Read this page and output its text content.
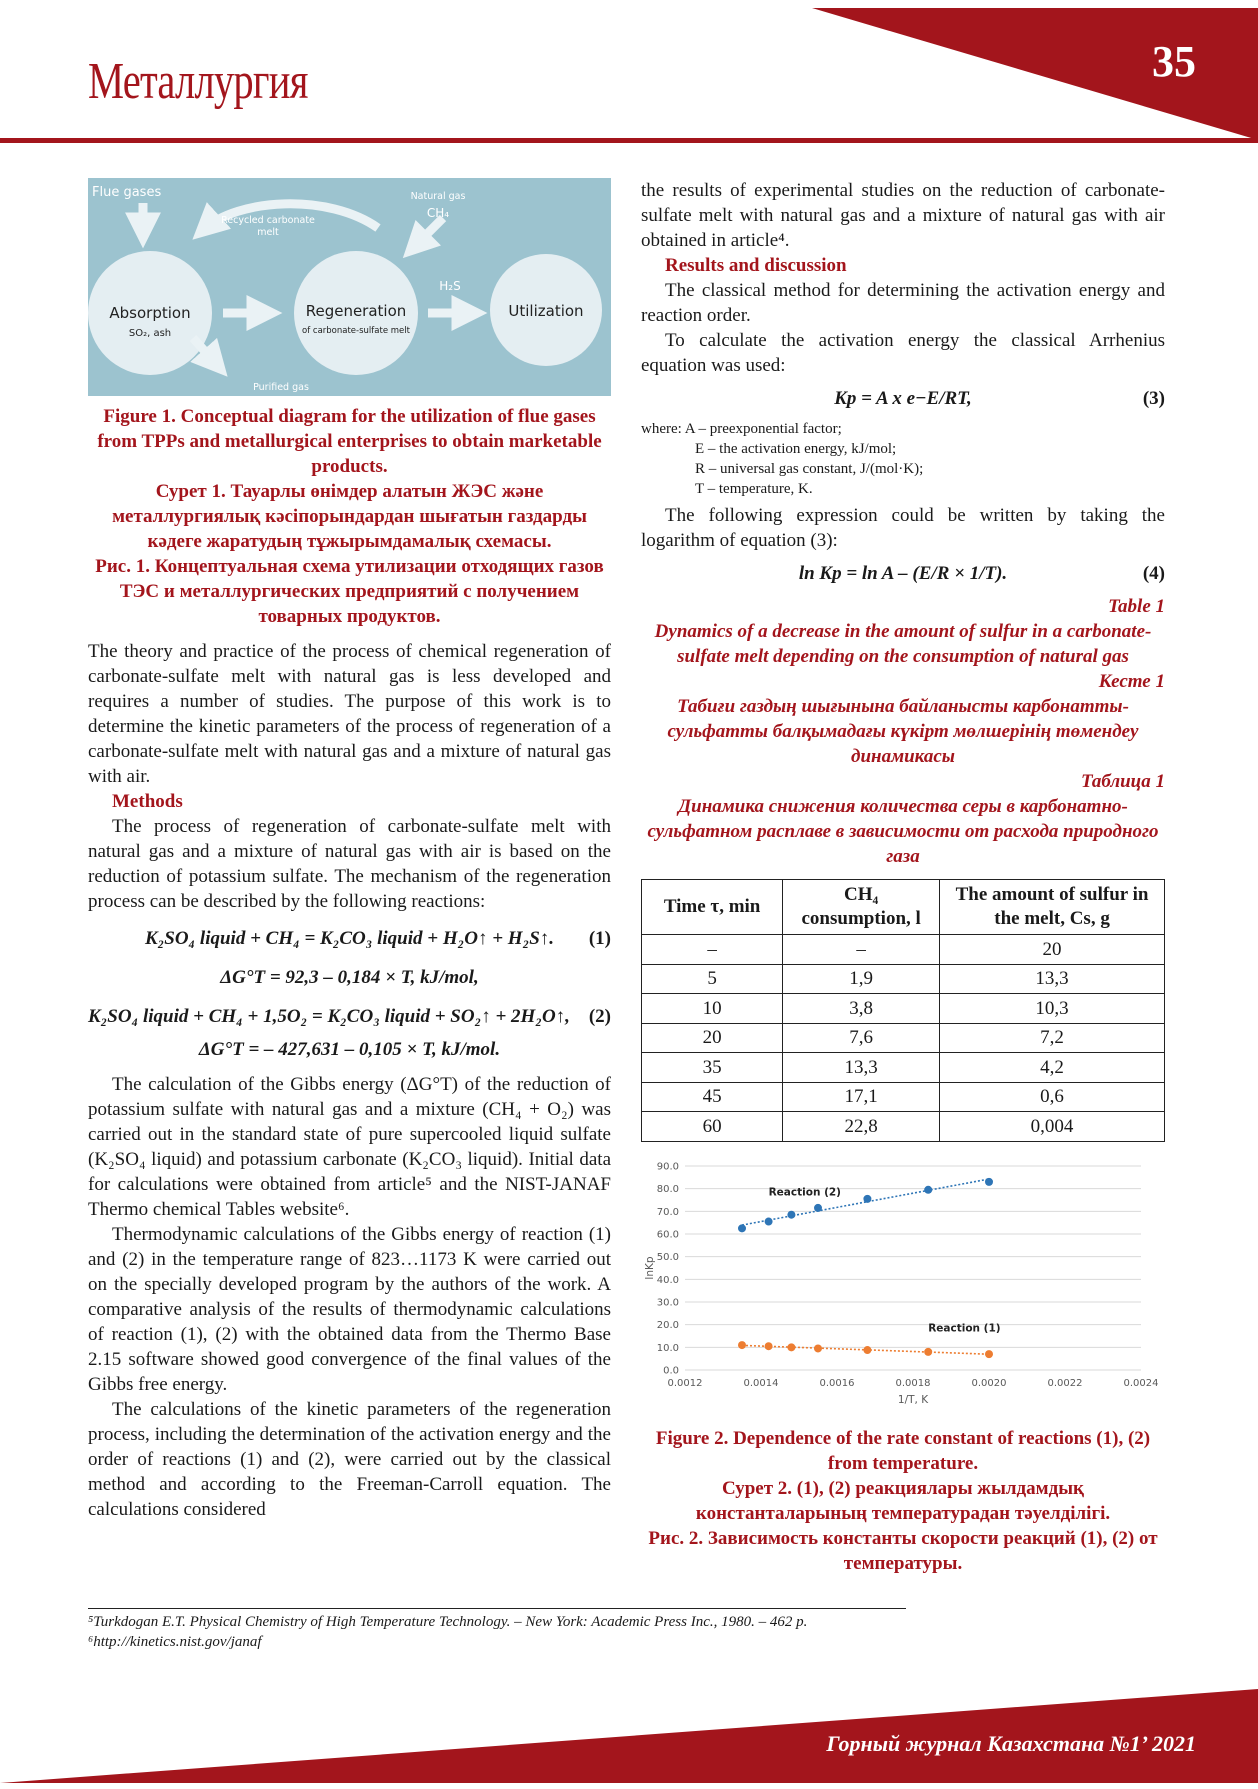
Металлургия	35
Flue gases
Recycled carbonate
melt
Natural gas
CH₄
H₂S
Absorption
SO₂, ash
Regeneration
of carbonate-sulfate melt
Utilization
Purified gas
Figure 1. Conceptual diagram for the utilization of flue gases from TPPs and metallurgical enterprises to obtain marketable products.
Сурет 1. Тауарлы өнімдер алатын ЖЭС және металлургиялық кәсіпорындардан шығатын газдарды кәдеге жаратудың тұжырымдамалық схемасы.
Рис. 1. Концептуальная схема утилизации отходящих газов ТЭС и металлургических предприятий с получением товарных продуктов.

The theory and practice of the process of chemical regeneration of carbonate-sulfate melt with natural gas is less developed and requires a number of studies. The purpose of this work is to determine the kinetic parameters of the process of regeneration of a carbonate-sulfate melt with natural gas and a mixture of natural gas with air.

Methods

The process of regeneration of carbonate-sulfate melt with natural gas and a mixture of natural gas with air is based on the reduction of potassium sulfate. The mechanism of the regeneration process can be described by the following reactions:

K₂SO₄ liquid + CH₄ = K₂CO₃ liquid + H₂O↑ + H₂S↑. (1)
ΔG°T = 92,3 – 0,184 × T, kJ/mol,
K₂SO₄ liquid + CH₄ + 1,5O₂ = K₂CO₃ liquid + SO₂↑ + 2H₂O↑, (2)
ΔG°T = – 427,631 – 0,105 × T, kJ/mol.

The calculation of the Gibbs energy (ΔG°T) of the reduction of potassium sulfate with natural gas and a mixture (CH₄ + O₂) was carried out in the standard state of pure supercooled liquid sulfate (K₂SO₄ liquid) and potassium carbonate (K₂CO₃ liquid). Initial data for calculations were obtained from article⁵ and the NIST-JANAF Thermo chemical Tables website⁶.

Thermodynamic calculations of the Gibbs energy of reaction (1) and (2) in the temperature range of 823…1173 K were carried out on the specially developed program by the authors of the work. A comparative analysis of the results of thermodynamic calculations of reaction (1), (2) with the obtained data from the Thermo Base 2.15 software showed good convergence of the final values of the Gibbs free energy.

The calculations of the kinetic parameters of the regeneration process, including the determination of the activation energy and the order of reactions (1) and (2), were carried out by the classical method and according to the Freeman-Carroll equation. The calculations considered

the results of experimental studies on the reduction of carbonate-sulfate melt with natural gas and a mixture of natural gas with air obtained in article⁴.

Results and discussion

The classical method for determining the activation energy and reaction order.

To calculate the activation energy the classical Arrhenius equation was used:

Kp = A x e−E/RT,	(3)
where: A – preexponential factor;
E – the activation energy, kJ/mol;
R – universal gas constant, J/(mol·K);
T – temperature, K.

The following expression could be written by taking the logarithm of equation (3):

ln Kp = ln A – (E/R × 1/T).	(4)
Table 1
Dynamics of a decrease in the amount of sulfur in a carbonate-sulfate melt depending on the consumption of natural gas
Кесте 1
Табиғи газдың шығынына байланысты карбонатты-сульфатты балқымадағы күкірт мөлшерінің төмендеу динамикасы
Таблица 1
Динамика снижения количества серы в карбонатно-сульфатном расплаве в зависимости от расхода природного газа
Time τ, min	CH₄ consumption, l	The amount of sulfur in the melt, Cs, g
–	–	20
5	1,9	13,3
10	3,8	10,3
20	7,6	7,2
35	13,3	4,2
45	17,1	0,6
60	22,8	0,004
0.0
10.0
20.0
30.0
40.0
50.0
60.0
70.0
80.0
90.0
0.0012	0.0014	0.0016	0.0018	0.0020	0.0022	0.0024
1/T, K
lnKp
Reaction (2)
Reaction (1)
Figure 2. Dependence of the rate constant of reactions (1), (2) from temperature.
Сурет 2. (1), (2) реакциялары жылдамдық константаларының температурадан тәуелділігі.
Рис. 2. Зависимость константы скорости реакций (1), (2) от температуры.
⁵Turkdogan E.T. Physical Chemistry of High Temperature Technology. – New York: Academic Press Inc., 1980. – 462 p.
⁶http://kinetics.nist.gov/janaf
Горный журнал Казахстана №1’ 2021
